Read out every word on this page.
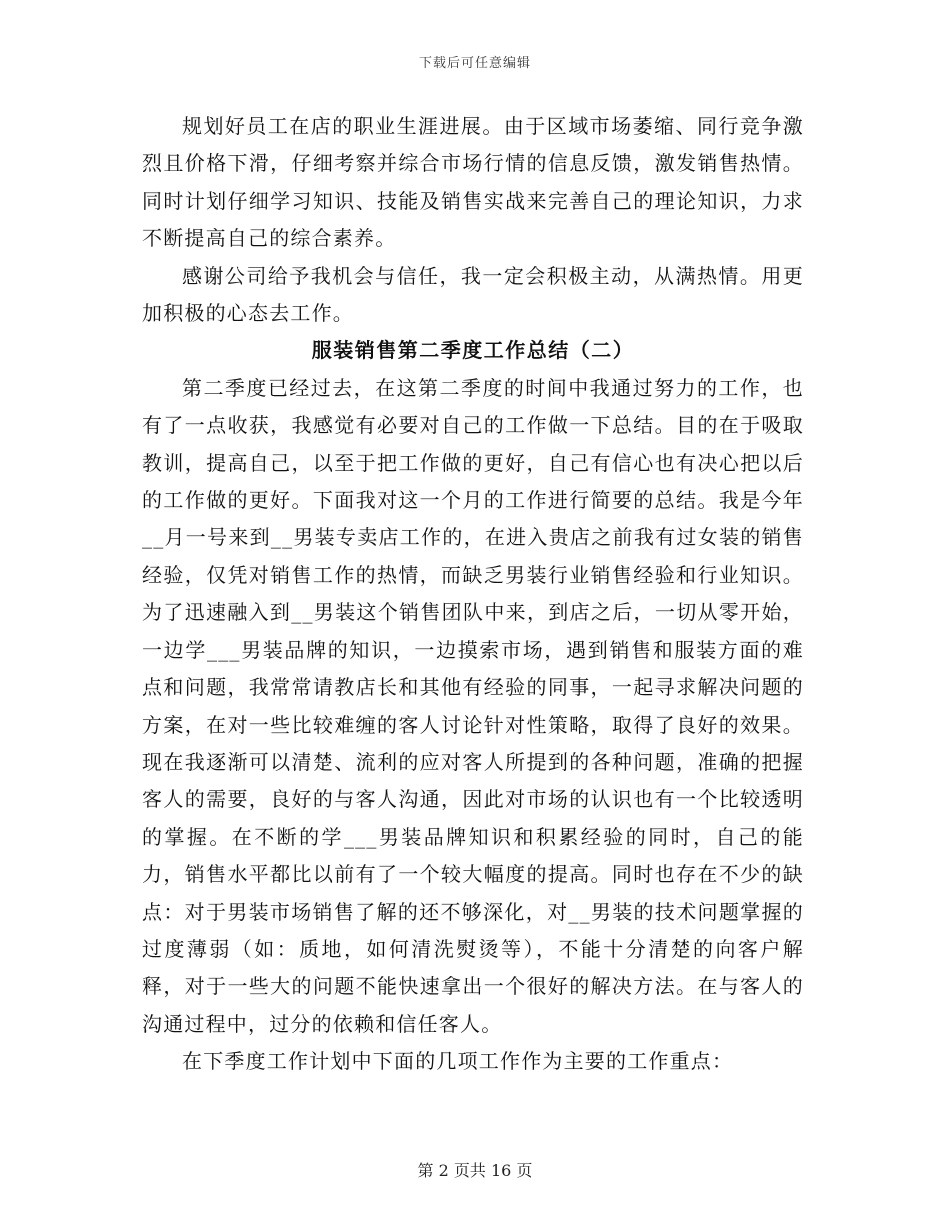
下载后可任意编辑

规划好员工在店的职业生涯进展。由于区域市场萎缩、同行竞争激烈且价格下滑，仔细考察并综合市场行情的信息反馈，激发销售热情。同时计划仔细学习知识、技能及销售实战来完善自己的理论知识，力求不断提高自己的综合素养。

感谢公司给予我机会与信任，我一定会积极主动，从满热情。用更加积极的心态去工作。

服装销售第二季度工作总结（二）

第二季度已经过去，在这第二季度的时间中我通过努力的工作，也有了一点收获，我感觉有必要对自己的工作做一下总结。目的在于吸取教训，提高自己，以至于把工作做的更好，自己有信心也有决心把以后的工作做的更好。下面我对这一个月的工作进行简要的总结。我是今年__月一号来到__男装专卖店工作的，在进入贵店之前我有过女装的销售经验，仅凭对销售工作的热情，而缺乏男装行业销售经验和行业知识。为了迅速融入到__男装这个销售团队中来，到店之后，一切从零开始，一边学___男装品牌的知识，一边摸索市场，遇到销售和服装方面的难点和问题，我常常请教店长和其他有经验的同事，一起寻求解决问题的方案，在对一些比较难缠的客人讨论针对性策略，取得了良好的效果。现在我逐渐可以清楚、流利的应对客人所提到的各种问题，准确的把握客人的需要，良好的与客人沟通，因此对市场的认识也有一个比较透明的掌握。在不断的学___男装品牌知识和积累经验的同时，自己的能力，销售水平都比以前有了一个较大幅度的提高。同时也存在不少的缺点：对于男装市场销售了解的还不够深化，对__男装的技术问题掌握的过度薄弱（如：质地，如何清洗熨烫等），不能十分清楚的向客户解释，对于一些大的问题不能快速拿出一个很好的解决方法。在与客人的沟通过程中，过分的依赖和信任客人。

在下季度工作计划中下面的几项工作作为主要的工作重点：

第 2 页共 16 页
